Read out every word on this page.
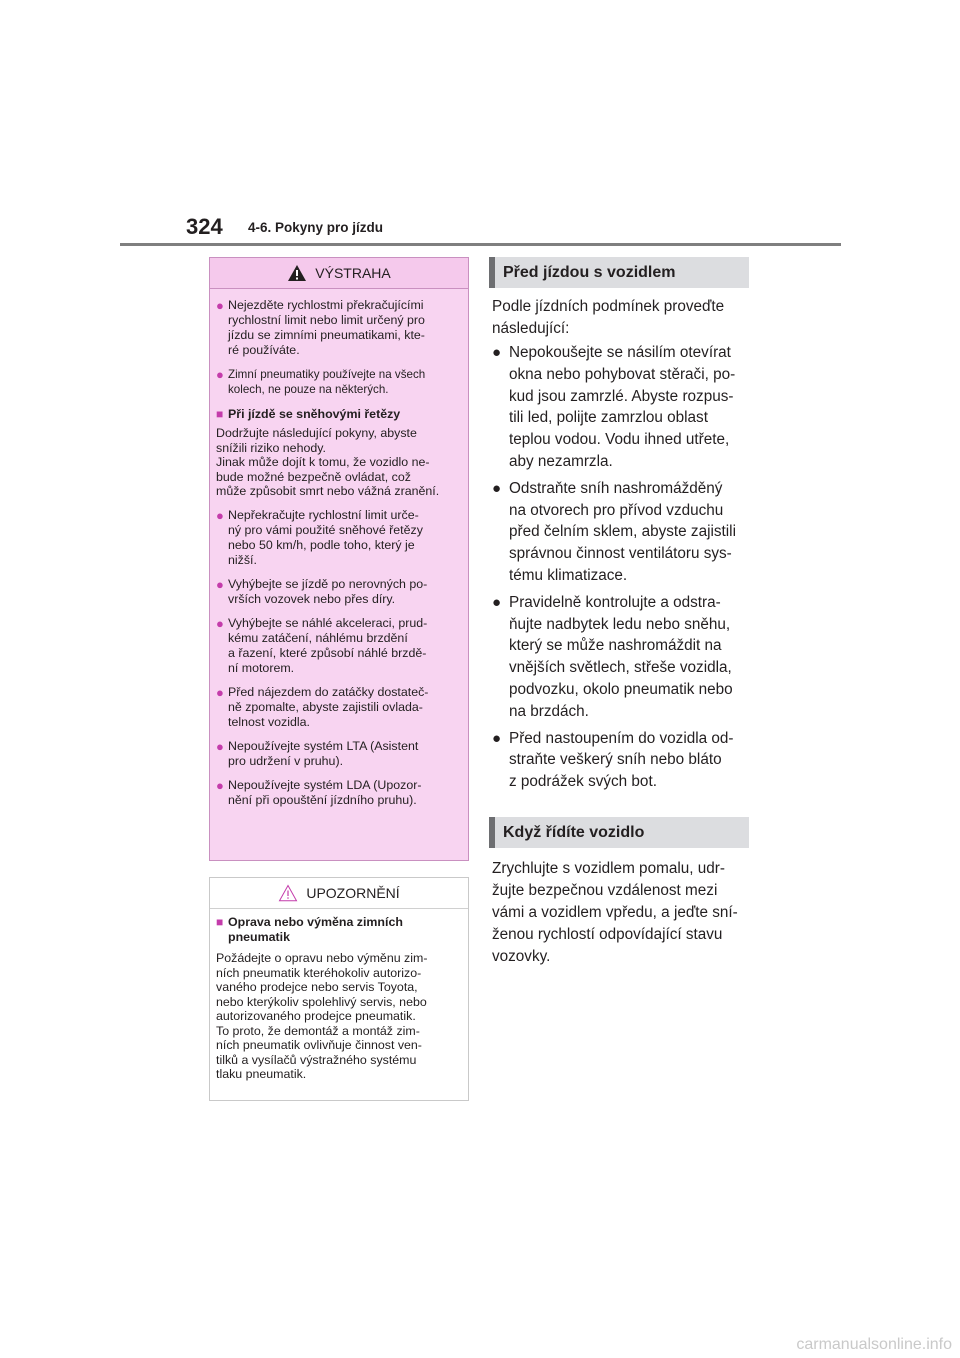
324 4-6. Pokyny pro jízdu
VÝSTRAHA
● Nejezděte rychlostmi překračujícími
rychlostní limit nebo limit určený pro
jízdu se zimními pneumatikami, kte-
ré používáte.
● Zimní pneumatiky používejte na všech
kolech, ne pouze na některých.
■ Při jízdě se sněhovými řetězy
Dodržujte následující pokyny, abyste
snížili riziko nehody.
Jinak může dojít k tomu, že vozidlo ne-
bude možné bezpečně ovládat, což
může způsobit smrt nebo vážná zranění.
● Nepřekračujte rychlostní limit urče-
ný pro vámi použité sněhové řetězy
nebo 50 km/h, podle toho, který je
nižší.
● Vyhýbejte se jízdě po nerovných po-
vrších vozovek nebo přes díry.
● Vyhýbejte se náhlé akceleraci, prud-
kému zatáčení, náhlému brzdění
a řazení, které způsobí náhlé brzdě-
ní motorem.
● Před nájezdem do zatáčky dostateč-
ně zpomalte, abyste zajistili ovlada-
telnost vozidla.
● Nepoužívejte systém LTA (Asistent
pro udržení v pruhu).
● Nepoužívejte systém LDA (Upozor-
nění při opouštění jízdního pruhu).
UPOZORNĚNÍ
■ Oprava nebo výměna zimních
pneumatik
Požádejte o opravu nebo výměnu zim-
ních pneumatik kteréhokoliv autorizo-
vaného prodejce nebo servis Toyota,
nebo kterýkoliv spolehlivý servis, nebo
autorizovaného prodejce pneumatik.
To proto, že demontáž a montáž zim-
ních pneumatik ovlivňuje činnost ven-
tilků a vysílačů výstražného systému
tlaku pneumatik.
Před jízdou s vozidlem
Podle jízdních podmínek proveďte
následující:
● Nepokoušejte se násilím otevírat
okna nebo pohybovat stěrači, po-
kud jsou zamrzlé. Abyste rozpus-
tili led, polijte zamrzlou oblast
teplou vodou. Vodu ihned utřete,
aby nezamrzla.
● Odstraňte sníh nashromážděný
na otvorech pro přívod vzduchu
před čelním sklem, abyste zajistili
správnou činnost ventilátoru sys-
tému klimatizace.
● Pravidelně kontrolujte a odstra-
ňujte nadbytek ledu nebo sněhu,
který se může nashromáždit na
vnějších světlech, střeše vozidla,
podvozku, okolo pneumatik nebo
na brzdách.
● Před nastoupením do vozidla od-
straňte veškerý sníh nebo bláto
z podrážek svých bot.
Když řídíte vozidlo
Zrychlujte s vozidlem pomalu, udr-
žujte bezpečnou vzdálenost mezi
vámi a vozidlem vpředu, a jeďte sní-
ženou rychlostí odpovídající stavu
vozovky.
carmanualsonline.info
